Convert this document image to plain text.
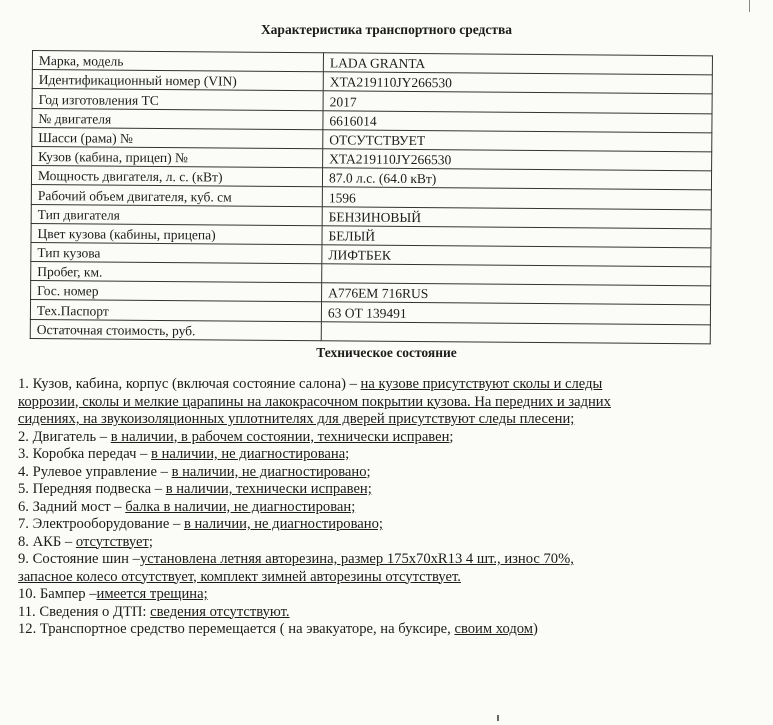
Характеристика транспортного средства
Марка, модель	LADA GRANTA
Идентификационный номер (VIN)	XTA219110JY266530
Год изготовления ТС	2017
№ двигателя	6616014
Шасси (рама) №	ОТСУТСТВУЕТ
Кузов (кабина, прицеп) №	XTA219110JY266530
Мощность двигателя, л. с. (кВт)	87.0 л.с. (64.0 кВт)
Рабочий объем двигателя, куб. см	1596
Тип двигателя	БЕНЗИНОВЫЙ
Цвет кузова (кабины, прицепа)	БЕЛЫЙ
Тип кузова	ЛИФТБЕК
Пробег, км.	
Гос. номер	А776ЕМ 716RUS
Тех.Паспорт	63 ОТ 139491
Остаточная стоимость, руб.	
Техническое состояние
1. Кузов, кабина, корпус (включая состояние салона) – на кузове присутствуют сколы и следы
коррозии, сколы и мелкие царапины на лакокрасочном покрытии кузова. На передних и задних
сидениях, на звукоизоляционных уплотнителях для дверей присутствуют следы плесени;
2. Двигатель – в наличии, в рабочем состоянии, технически исправен;
3. Коробка передач – в наличии, не диагностирована;
4. Рулевое управление – в наличии, не диагностировано;
5. Передняя подвеска – в наличии, технически исправен;
6. Задний мост – балка в наличии, не диагностирован;
7. Электрооборудование – в наличии, не диагностировано;
8. АКБ – отсутствует;
9. Состояние шин –установлена летняя авторезина, размер 175х70хR13 4 шт., износ 70%,
запасное колесо отсутствует, комплект зимней авторезины отсутствует.
10. Бампер –имеется трещина;
11. Сведения о ДТП: сведения отсутствуют.
12. Транспортное средство перемещается ( на эвакуаторе, на буксире, своим ходом)
